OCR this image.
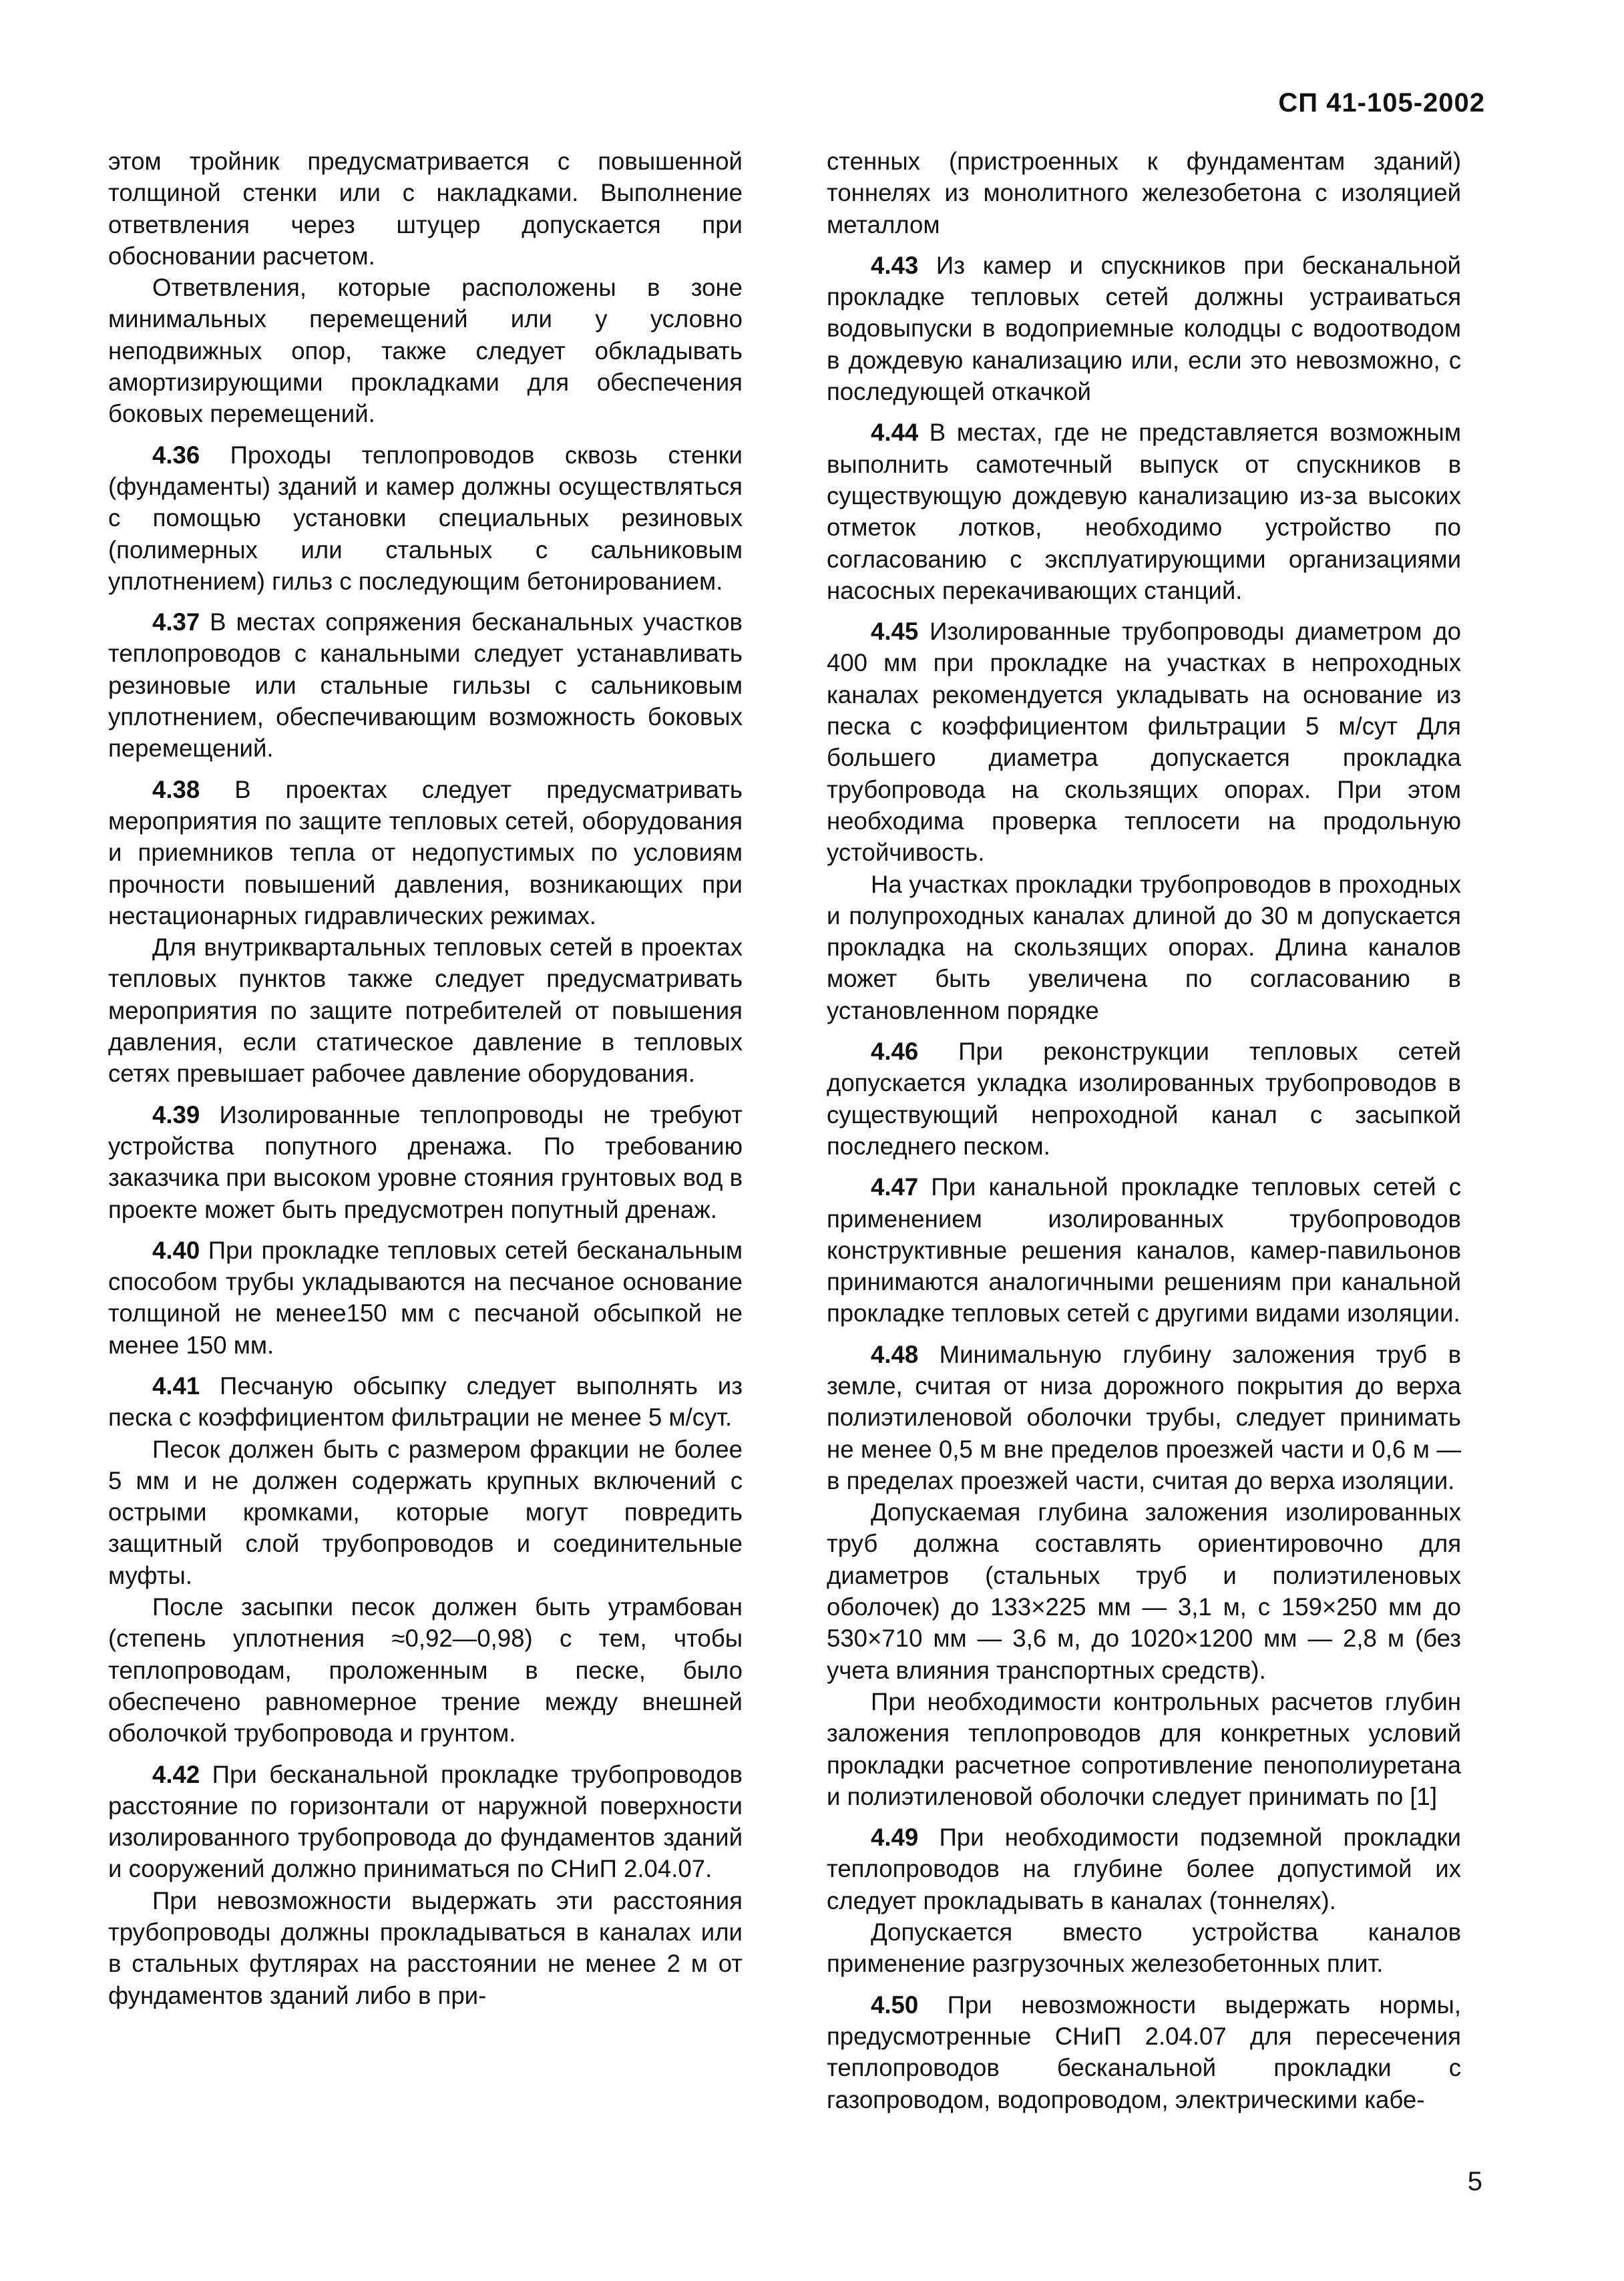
СП 41-105-2002

этом тройник предусматривается с повышенной толщиной стенки или с накладками. Выполнение ответвления через штуцер допускается при обосновании расчетом.

Ответвления, которые расположены в зоне минимальных перемещений или у условно неподвижных опор, также следует обкладывать амортизирующими прокладками для обеспечения боковых перемещений.

4.36 Проходы теплопроводов сквозь стенки (фундаменты) зданий и камер должны осуществляться с помощью установки специальных резиновых (полимерных или стальных с сальниковым уплотнением) гильз с последующим бетонированием.

4.37 В местах сопряжения бесканальных участков теплопроводов с канальными следует устанавливать резиновые или стальные гильзы с сальниковым уплотнением, обеспечивающим возможность боковых перемещений.

4.38 В проектах следует предусматривать мероприятия по защите тепловых сетей, оборудования и приемников тепла от недопустимых по условиям прочности повышений давления, возникающих при нестационарных гидравлических режимах.

Для внутриквартальных тепловых сетей в проектах тепловых пунктов также следует предусматривать мероприятия по защите потребителей от повышения давления, если статическое давление в тепловых сетях превышает рабочее давление оборудования.

4.39 Изолированные теплопроводы не требуют устройства попутного дренажа. По требованию заказчика при высоком уровне стояния грунтовых вод в проекте может быть предусмотрен попутный дренаж.

4.40 При прокладке тепловых сетей бесканальным способом трубы укладываются на песчаное основание толщиной не менее150 мм с песчаной обсыпкой не менее 150 мм.

4.41 Песчаную обсыпку следует выполнять из песка с коэффициентом фильтрации не менее 5 м/сут.

Песок должен быть с размером фракции не более 5 мм и не должен содержать крупных включений с острыми кромками, которые могут повредить защитный слой трубопроводов и соединительные муфты.

После засыпки песок должен быть утрамбован (степень уплотнения ≈0,92—0,98) с тем, чтобы теплопроводам, проложенным в песке, было обеспечено равномерное трение между внешней оболочкой трубопровода и грунтом.

4.42 При бесканальной прокладке трубопроводов расстояние по горизонтали от наружной поверхности изолированного трубопровода до фундаментов зданий и сооружений должно приниматься по СНиП 2.04.07.

При невозможности выдержать эти расстояния трубопроводы должны прокладываться в каналах или в стальных футлярах на расстоянии не менее 2 м от фундаментов зданий либо в при-

стенных (пристроенных к фундаментам зданий) тоннелях из монолитного железобетона с изоляцией металлом

4.43 Из камер и спускников при бесканальной прокладке тепловых сетей должны устраиваться водовыпуски в водоприемные колодцы с водоотводом в дождевую канализацию или, если это невозможно, с последующей откачкой

4.44 В местах, где не представляется возможным выполнить самотечный выпуск от спускников в существующую дождевую канализацию из-за высоких отметок лотков, необходимо устройство по согласованию с эксплуатирующими организациями насосных перекачивающих станций.

4.45 Изолированные трубопроводы диаметром до 400 мм при прокладке на участках в непроходных каналах рекомендуется укладывать на основание из песка с коэффициентом фильтрации 5 м/сут Для большего диаметра допускается прокладка трубопровода на скользящих опорах. При этом необходима проверка теплосети на продольную устойчивость.

На участках прокладки трубопроводов в проходных и полупроходных каналах длиной до 30 м допускается прокладка на скользящих опорах. Длина каналов может быть увеличена по согласованию в установленном порядке

4.46 При реконструкции тепловых сетей допускается укладка изолированных трубопроводов в существующий непроходной канал с засыпкой последнего песком.

4.47 При канальной прокладке тепловых сетей с применением изолированных трубопроводов конструктивные решения каналов, камер-павильонов принимаются аналогичными решениям при канальной прокладке тепловых сетей с другими видами изоляции.

4.48 Минимальную глубину заложения труб в земле, считая от низа дорожного покрытия до верха полиэтиленовой оболочки трубы, следует принимать не менее 0,5 м вне пределов проезжей части и 0,6 м — в пределах проезжей части, считая до верха изоляции.

Допускаемая глубина заложения изолированных труб должна составлять ориентировочно для диаметров (стальных труб и полиэтиленовых оболочек) до 133×225 мм — 3,1 м, с 159×250 мм до 530×710 мм — 3,6 м, до 1020×1200 мм — 2,8 м (без учета влияния транспортных средств).

При необходимости контрольных расчетов глубин заложения теплопроводов для конкретных условий прокладки расчетное сопротивление пенополиуретана и полиэтиленовой оболочки следует принимать по [1]

4.49 При необходимости подземной прокладки теплопроводов на глубине более допустимой их следует прокладывать в каналах (тоннелях).

Допускается вместо устройства каналов применение разгрузочных железобетонных плит.

4.50 При невозможности выдержать нормы, предусмотренные СНиП 2.04.07 для пересечения теплопроводов бесканальной прокладки с газопроводом, водопроводом, электрическими кабе-

5
